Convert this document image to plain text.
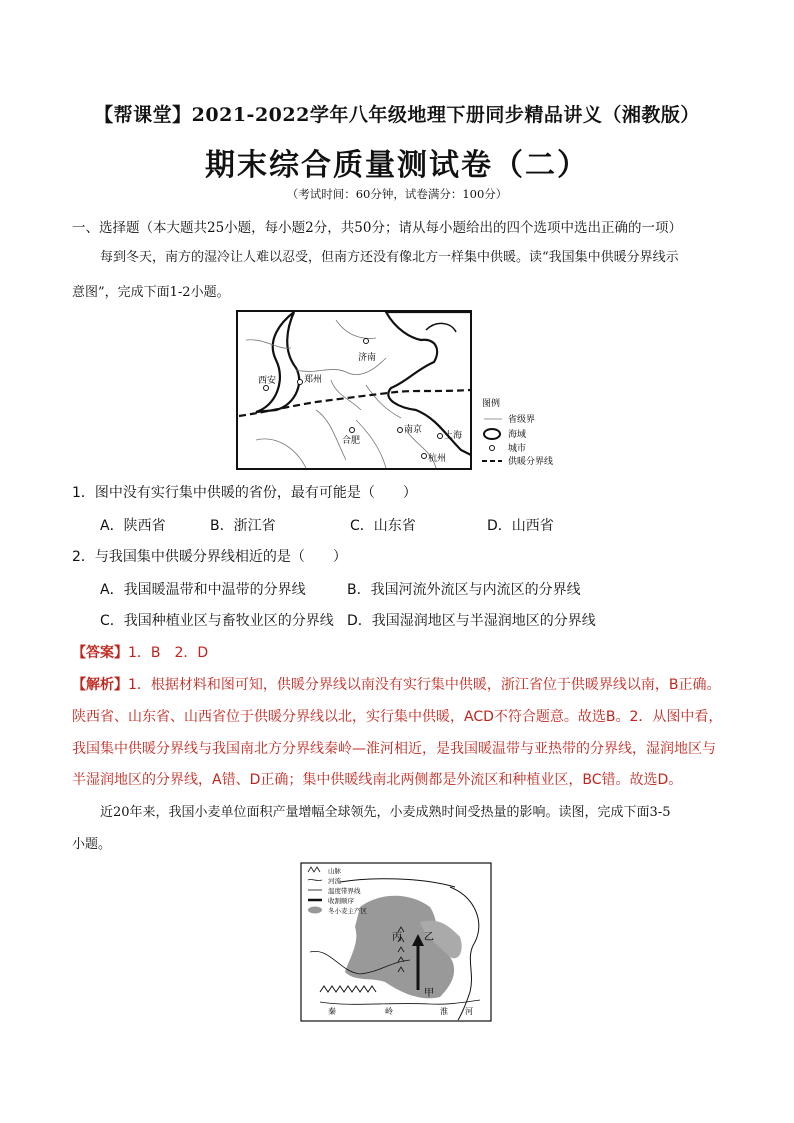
【帮课堂】2021-2022学年八年级地理下册同步精品讲义（湘教版）
期末综合质量测试卷（二）
（考试时间：60分钟，试卷满分：100分）
一、选择题（本大题共25小题，每小题2分，共50分；请从每小题给出的四个选项中选出正确的一项）
每到冬天，南方的湿冷让人难以忍受，但南方还没有像北方一样集中供暖。读“我国集中供暖分界线示
意图”，完成下面1-2小题。
济南
西安	郑州
合肥
南京
上海
杭州
图例
省级界
海域
城市
供暖分界线
1．图中没有实行集中供暖的省份，最有可能是（　　）
A．陕西省	B．浙江省	C．山东省	D．山西省
2．与我国集中供暖分界线相近的是（　　）
A．我国暖温带和中温带的分界线	B．我国河流外流区与内流区的分界线
C．我国种植业区与畜牧业区的分界线 D．我国湿润地区与半湿润地区的分界线
【答案】1．B　2．D
【解析】1．根据材料和图可知，供暖分界线以南没有实行集中供暖，浙江省位于供暖界线以南，B正确。
陕西省、山东省、山西省位于供暖分界线以北，实行集中供暖，ACD不符合题意。故选B。2．从图中看，
我国集中供暖分界线与我国南北方分界线秦岭—淮河相近，是我国暖温带与亚热带的分界线，湿润地区与
半湿润地区的分界线，A错、D正确；集中供暖线南北两侧都是外流区和种植业区，BC错。故选D。
近20年来，我国小麦单位面积产量增幅全球领先，小麦成熟时间受热量的影响。读图，完成下面3-5
小题。
山脉
河流
温度带界线
收割顺序
冬小麦主产区
丙 乙
甲
秦	岭	淮 河
